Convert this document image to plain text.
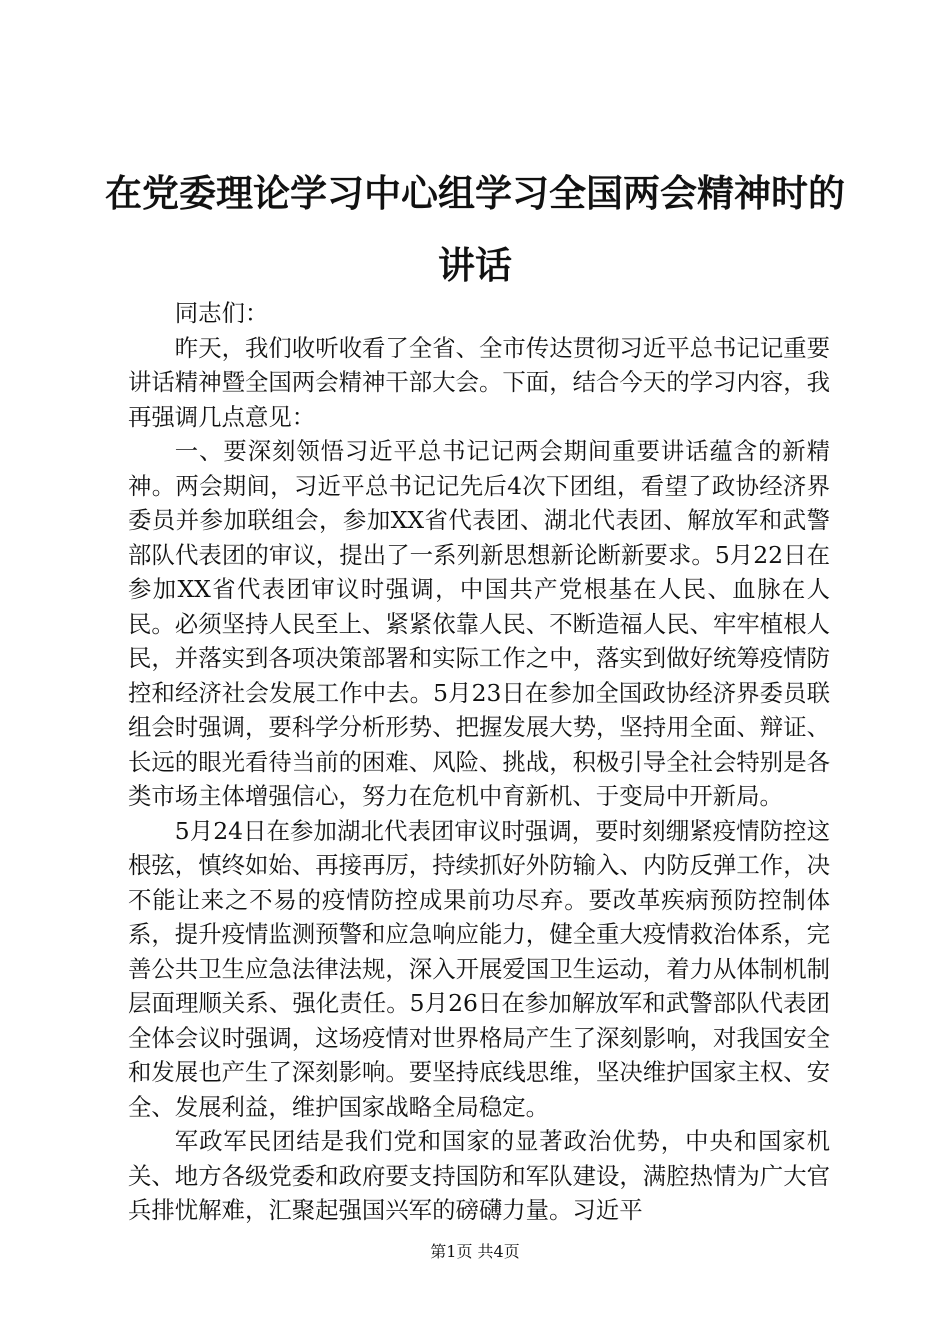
在党委理论学习中心组学习全国两会精神时的讲话

同志们：

昨天，我们收听收看了全省、全市传达贯彻习近平总书记记重要讲话精神暨全国两会精神干部大会。下面，结合今天的学习内容，我再强调几点意见：

一、要深刻领悟习近平总书记记两会期间重要讲话蕴含的新精神。两会期间，习近平总书记记先后4次下团组，看望了政协经济界委员并参加联组会，参加XX省代表团、湖北代表团、解放军和武警部队代表团的审议，提出了一系列新思想新论断新要求。5月22日在参加XX省代表团审议时强调，中国共产党根基在人民、血脉在人民。必须坚持人民至上、紧紧依靠人民、不断造福人民、牢牢植根人民，并落实到各项决策部署和实际工作之中，落实到做好统筹疫情防控和经济社会发展工作中去。5月23日在参加全国政协经济界委员联组会时强调，要科学分析形势、把握发展大势，坚持用全面、辩证、长远的眼光看待当前的困难、风险、挑战，积极引导全社会特别是各类市场主体增强信心，努力在危机中育新机、于变局中开新局。

5月24日在参加湖北代表团审议时强调，要时刻绷紧疫情防控这根弦，慎终如始、再接再厉，持续抓好外防输入、内防反弹工作，决不能让来之不易的疫情防控成果前功尽弃。要改革疾病预防控制体系，提升疫情监测预警和应急响应能力，健全重大疫情救治体系，完善公共卫生应急法律法规，深入开展爱国卫生运动，着力从体制机制层面理顺关系、强化责任。5月26日在参加解放军和武警部队代表团全体会议时强调，这场疫情对世界格局产生了深刻影响，对我国安全和发展也产生了深刻影响。要坚持底线思维，坚决维护国家主权、安全、发展利益，维护国家战略全局稳定。

军政军民团结是我们党和国家的显著政治优势，中央和国家机关、地方各级党委和政府要支持国防和军队建设，满腔热情为广大官兵排忧解难，汇聚起强国兴军的磅礴力量。习近平

第1页 共4页
